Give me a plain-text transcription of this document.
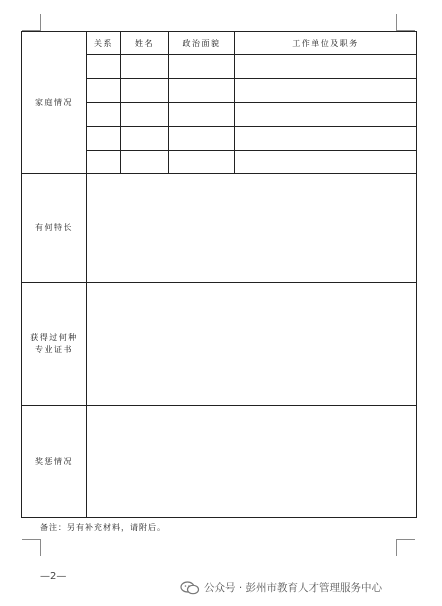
家庭情况	关系	姓名	政治面貌	工作单位及职务

有何特长				

获得过何种
专业证书				

奖惩情况				
备注：另有补充材料，请附后。
—2—
公众号 · 彭州市教育人才管理服务中心
